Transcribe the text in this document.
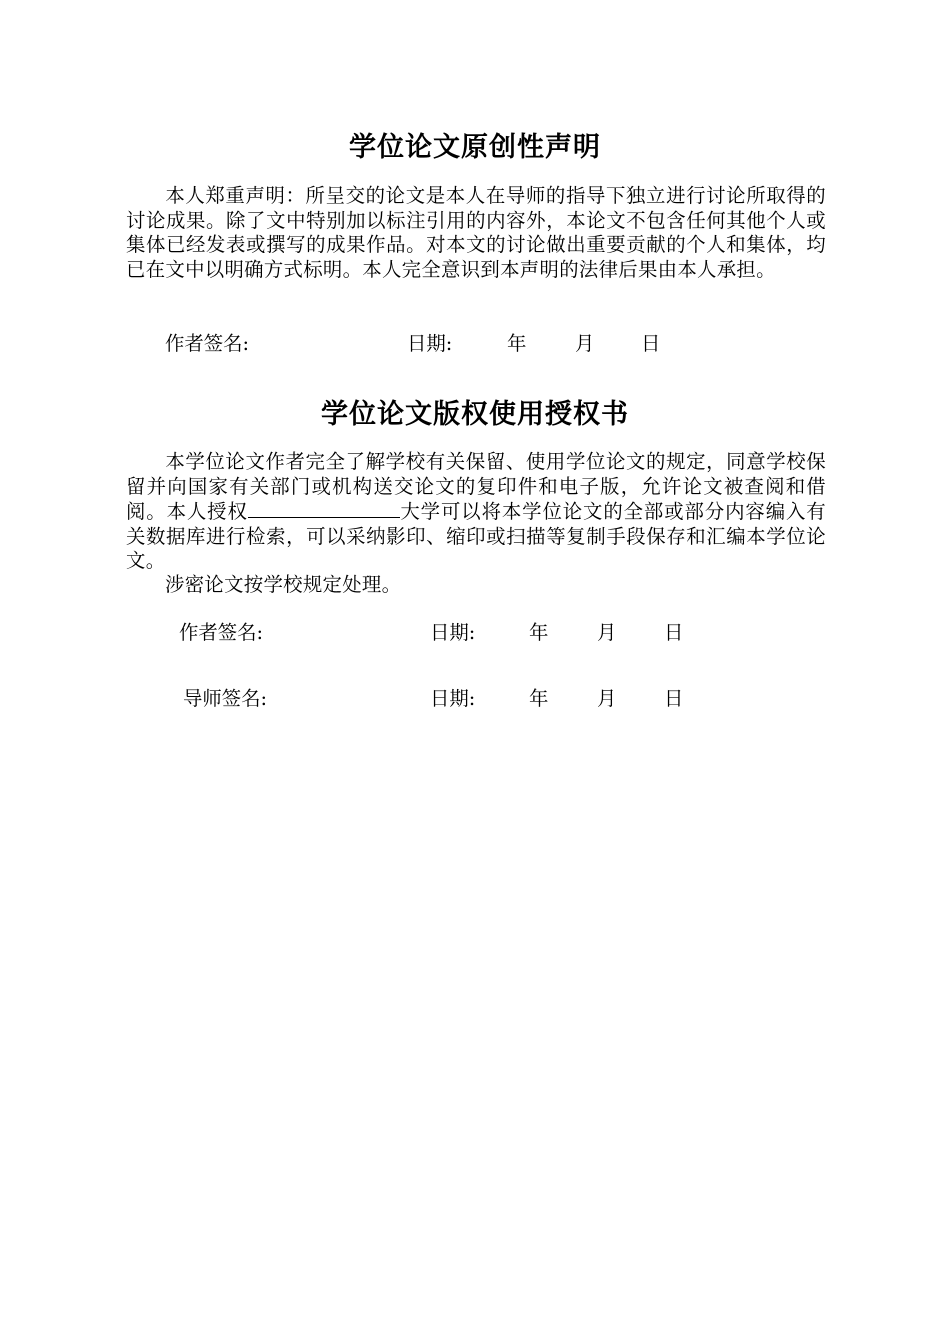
学位论文原创性声明
本人郑重声明：所呈交的论文是本人在导师的指导下独立进行讨论所取得的讨论成果。除了文中特别加以标注引用的内容外，本论文不包含任何其他个人或集体已经发表或撰写的成果作品。对本文的讨论做出重要贡献的个人和集体，均已在文中以明确方式标明。本人完全意识到本声明的法律后果由本人承担。
作者签名:	日期:	年	月 日
学位论文版权使用授权书
本学位论文作者完全了解学校有关保留、使用学位论文的规定，同意学校保留并向国家有关部门或机构送交论文的复印件和电子版，允许论文被查阅和借阅。本人授权	大学可以将本学位论文的全部或部分内容编入有关数据库进行检索，可以采纳影印、缩印或扫描等复制手段保存和汇编本学位论文。
涉密论文按学校规定处理。
作者签名:	日期:	年	月 日
导师签名:	日期:	年	月 日
